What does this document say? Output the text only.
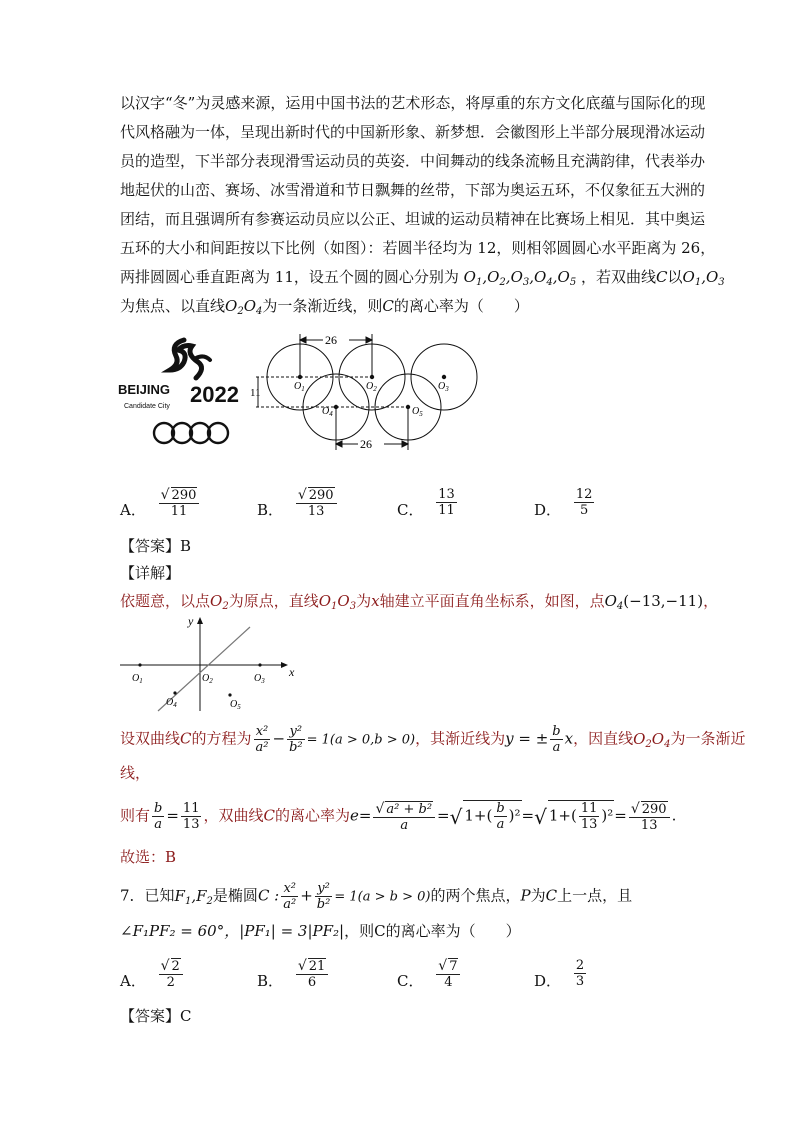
以汉字“冬”为灵感来源，运用中国书法的艺术形态，将厚重的东方文化底蕴与国际化的现
代风格融为一体，呈现出新时代的中国新形象、新梦想．会徽图形上半部分展现滑冰运动
员的造型，下半部分表现滑雪运动员的英姿．中间舞动的线条流畅且充满韵律，代表举办
地起伏的山峦、赛场、冰雪滑道和节日飘舞的丝带，下部为奥运五环，不仅象征五大洲的
团结，而且强调所有参赛运动员应以公正、坦诚的运动员精神在比赛场上相见．其中奥运
五环的大小和间距按以下比例（如图）：若圆半径均为 12，则相邻圆圆心水平距离为 26，
两排圆圆心垂直距离为 11，设五个圆的圆心分别为 $O_1,O_2,O_3,O_4,O_5$ ，若双曲线C以$O_1,O_3$
为焦点、以直线$O_2O_4$为一条渐近线，则C的离心率为（　　）
BEIJING 2022
Candidate City
26
26
11
$O_1$	$O_2$	$O_3$
$O_4$	$O_5$
A． $\frac{√ 290}{11}$	B． $\frac{√ 290}{13}$	C． $\frac{13}{11}$	D． $\frac{12}{5}$
【答案】B
【详解】
依题意，以点$O_2$为原点，直线$O_1O_3$为x轴建立平面直角坐标系，如图，点$O_4(-13,-11)$，
x
y
$O_1$	$O_2$	$O_3$
$O_4$	$O_5$
设双曲线C的方程为 $\frac{\text{x²}}{\text{a²}} - \frac{\text{y²}}{\text{b²}} = 1(a > 0,b > 0)$，其渐近线为y = ± $\frac{b}{a}$ x，因直线$O_2O_4$为一条渐近
线，
则有 $\frac{b}{a} = \frac{11}{13}$ ，双曲线C的离心率为$e= \frac{\text{√ a² + b²}}{a}$ =√ $1+( \frac{b}{a} )^2=√$ $1+( \frac{11}{13} )^2= \frac{√ 290}{13}$ .
故选：B
7．已知$F_1,F_2$是椭圆C : $\frac{\text{x²}}{\text{a²}} + \frac{\text{y²}}{\text{b²}} = 1(a > b > 0)$的两个焦点，P为C上一点，且
∠F₁PF₂ = 60°，|PF₁| = 3|PF₂|，则C的离心率为（　　）
A． $\frac{√ 2}{2}$	B． $\frac{√ 21}{6}$	C． $\frac{√ 7}{4}$	D． $\frac{2}{3}$
【答案】C
